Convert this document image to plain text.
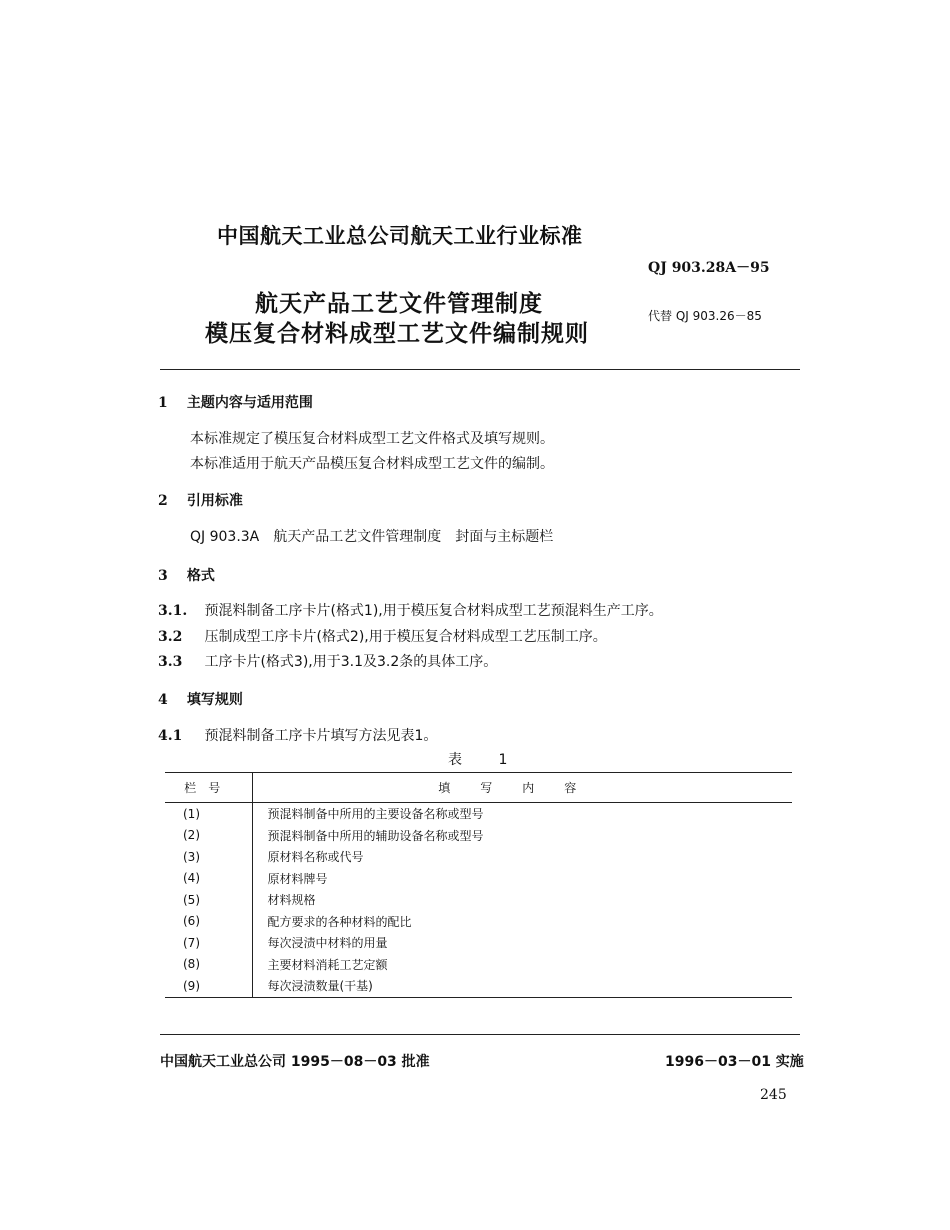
中国航天工业总公司航天工业行业标准
QJ 903.28A－95
航天产品工艺文件管理制度
模压复合材料成型工艺文件编制规则
代替 QJ 903.26－85
1 主题内容与适用范围
本标准规定了模压复合材料成型工艺文件格式及填写规则。
本标准适用于航天产品模压复合材料成型工艺文件的编制。
2 引用标准
QJ 903.3A　航天产品工艺文件管理制度　封面与主标题栏
3 格式
3.1. 预混料制备工序卡片(格式1),用于模压复合材料成型工艺预混料生产工序。
3.2 压制成型工序卡片(格式2),用于模压复合材料成型工艺压制工序。
3.3 工序卡片(格式3),用于3.1及3.2条的具体工序。
4 填写规则
4.1 预混料制备工序卡片填写方法见表1。
表 1
栏号	填写内容
(1)	预混料制备中所用的主要设备名称或型号
(2)	预混料制备中所用的辅助设备名称或型号
(3)	原材料名称或代号
(4)	原材料牌号
(5)	材料规格
(6)	配方要求的各种材料的配比
(7)	每次浸渍中材料的用量
(8)	主要材料消耗工艺定额
(9)	每次浸渍数量(干基)
中国航天工业总公司 1995－08－03 批准	1996－03－01 实施
245
